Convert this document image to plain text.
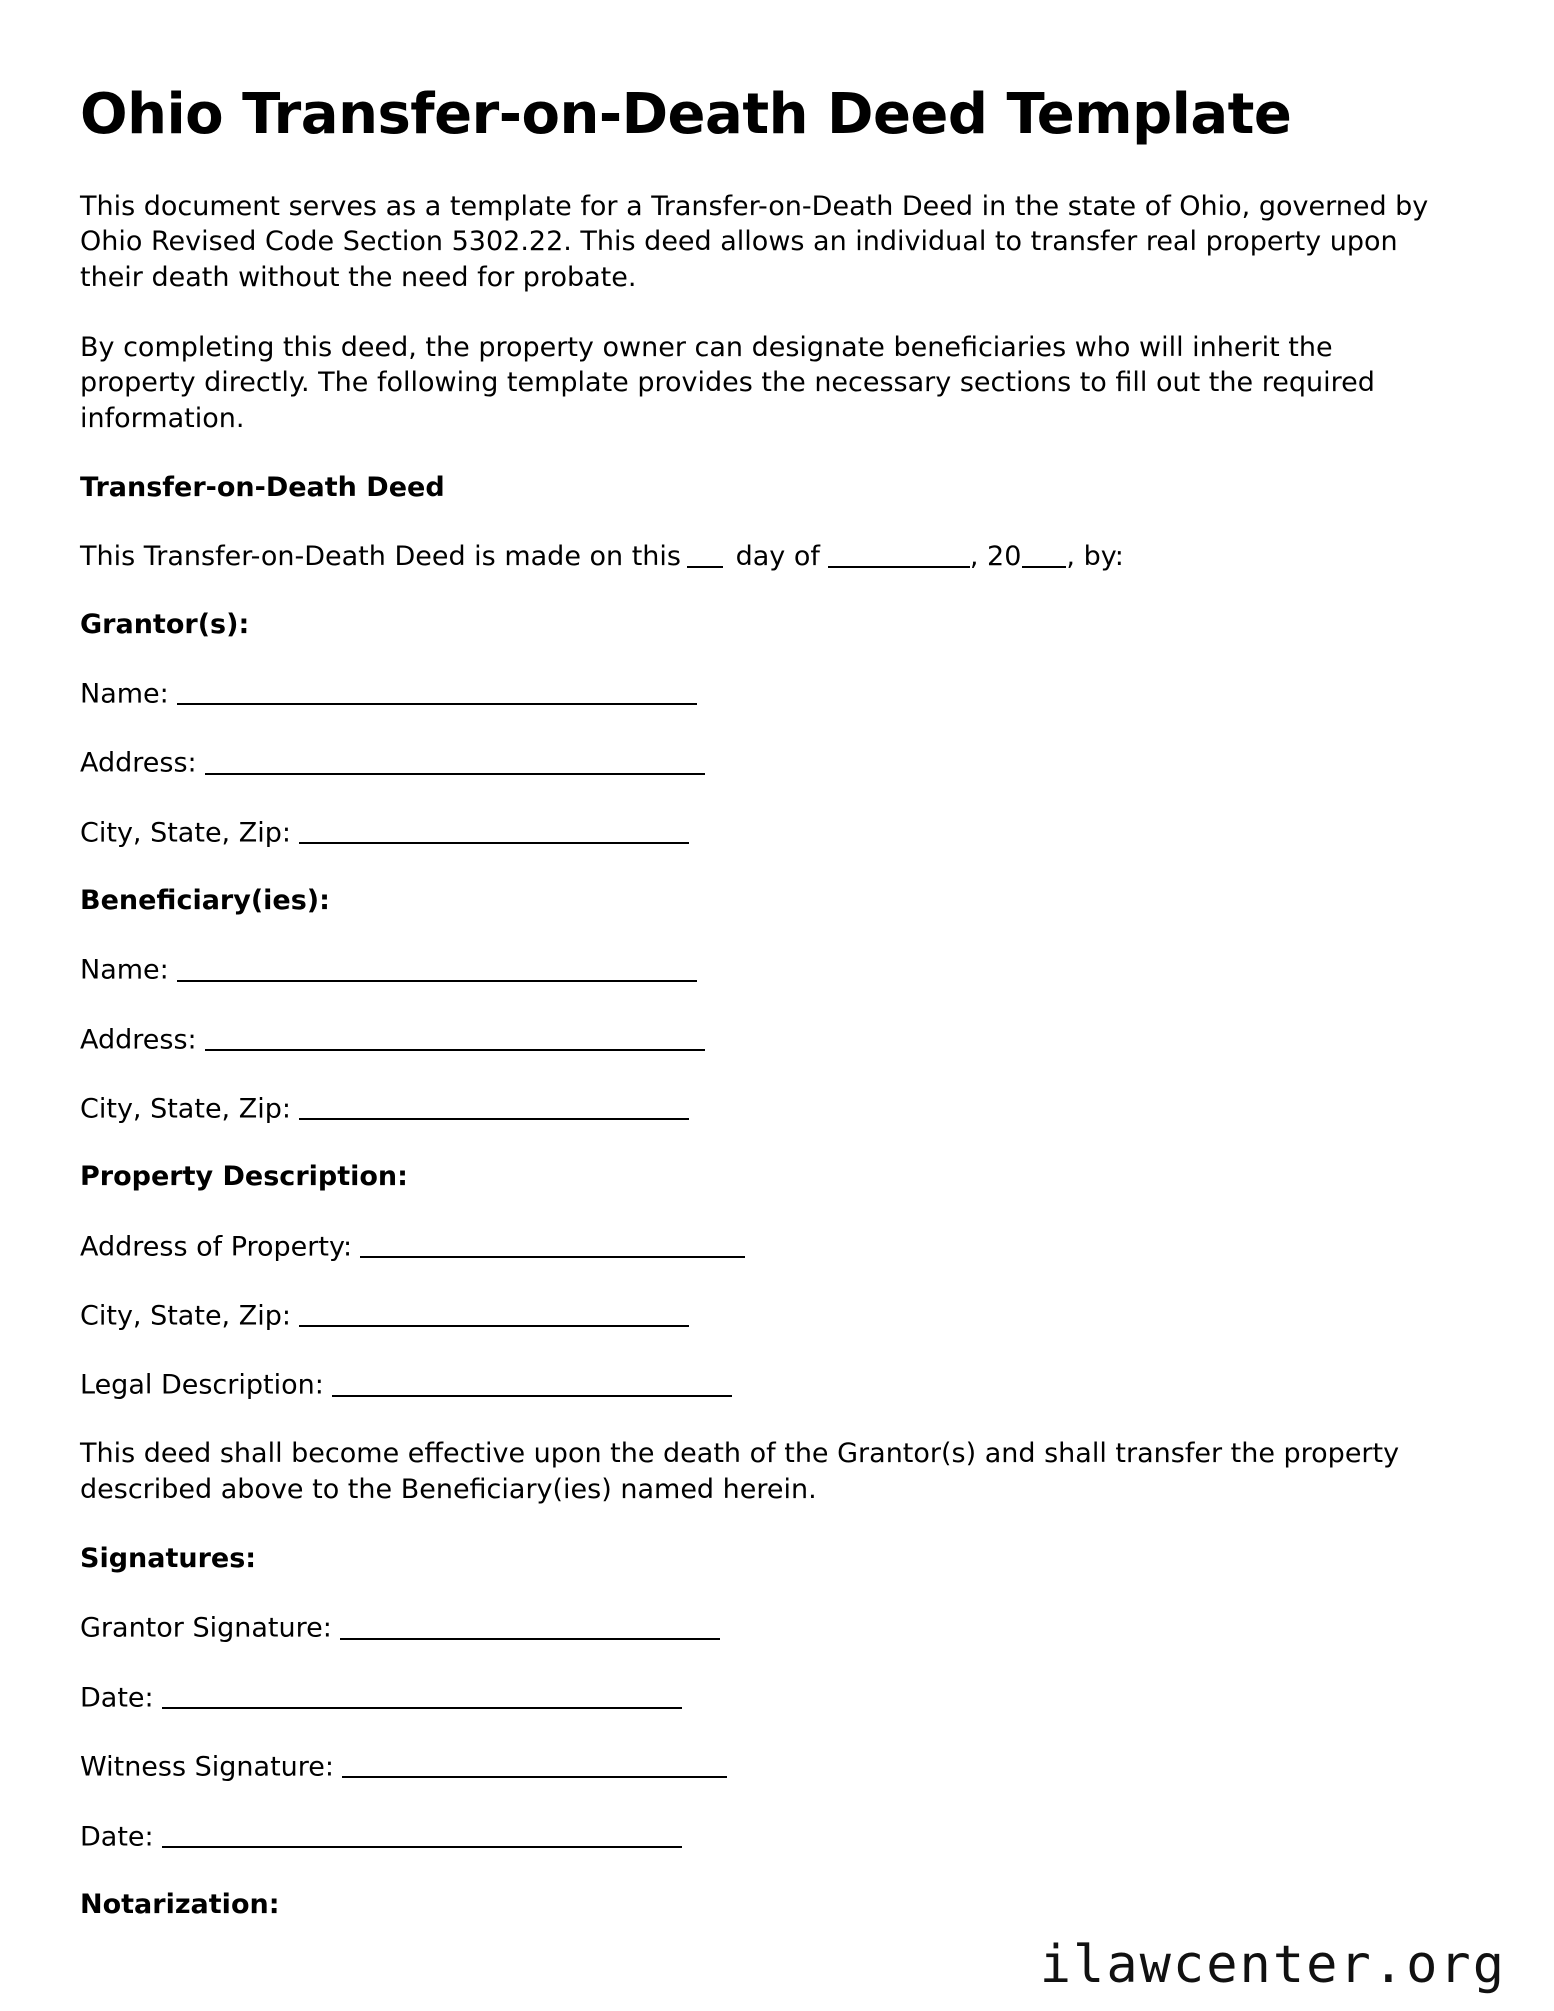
Ohio Transfer-on-Death Deed Template

This document serves as a template for a Transfer-on-Death Deed in the state of Ohio, governed by Ohio Revised Code Section 5302.22. This deed allows an individual to transfer real property upon their death without the need for probate.

By completing this deed, the property owner can designate beneficiaries who will inherit the property directly. The following template provides the necessary sections to fill out the required information.

Transfer-on-Death Deed
This Transfer-on-Death Deed is made on this day of	, 20 , by:
Grantor(s):
Name:
Address:
City, State, Zip:
Beneficiary(ies):
Name:
Address:
City, State, Zip:
Property Description:
Address of Property:
City, State, Zip:
Legal Description:

This deed shall become effective upon the death of the Grantor(s) and shall transfer the property described above to the Beneficiary(ies) named herein.

Signatures:
Grantor Signature:
Date:
Witness Signature:
Date:
Notarization:
ilawcenter.org
